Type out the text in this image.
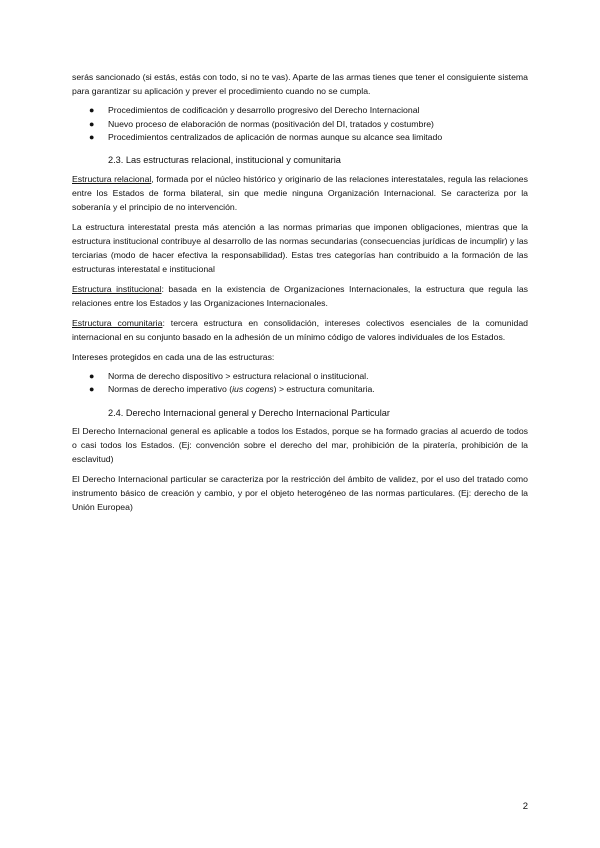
serás sancionado (si estás, estás con todo, si no te vas). Aparte de las armas tienes que tener el consiguiente sistema para garantizar su aplicación y prever el procedimiento cuando no se cumpla.

● Procedimientos de codificación y desarrollo progresivo del Derecho Internacional
● Nuevo proceso de elaboración de normas (positivación del DI, tratados y costumbre)
● Procedimientos centralizados de aplicación de normas aunque su alcance sea limitado
2.3. Las estructuras relacional, institucional y comunitaria

Estructura relacional, formada por el núcleo histórico y originario de las relaciones interestatales, regula las relaciones entre los Estados de forma bilateral, sin que medie ninguna Organización Internacional. Se caracteriza por la soberanía y el principio de no intervención.

La estructura interestatal presta más atención a las normas primarias que imponen obligaciones, mientras que la estructura institucional contribuye al desarrollo de las normas secundarias (consecuencias jurídicas de incumplir) y las terciarias (modo de hacer efectiva la responsabilidad). Estas tres categorías han contribuido a la formación de las estructuras interestatal e institucional

Estructura institucional: basada en la existencia de Organizaciones Internacionales, la estructura que regula las relaciones entre los Estados y las Organizaciones Internacionales.

Estructura comunitaria: tercera estructura en consolidación, intereses colectivos esenciales de la comunidad internacional en su conjunto basado en la adhesión de un mínimo código de valores individuales de los Estados.

Intereses protegidos en cada una de las estructuras:

● Norma de derecho dispositivo > estructura relacional o institucional.
● Normas de derecho imperativo (ius cogens) > estructura comunitaria.
2.4. Derecho Internacional general y Derecho Internacional Particular

El Derecho Internacional general es aplicable a todos los Estados, porque se ha formado gracias al acuerdo de todos o casi todos los Estados. (Ej: convención sobre el derecho del mar, prohibición de la piratería, prohibición de la esclavitud)

El Derecho Internacional particular se caracteriza por la restricción del ámbito de validez, por el uso del tratado como instrumento básico de creación y cambio, y por el objeto heterogéneo de las normas particulares. (Ej: derecho de la Unión Europea)

2
